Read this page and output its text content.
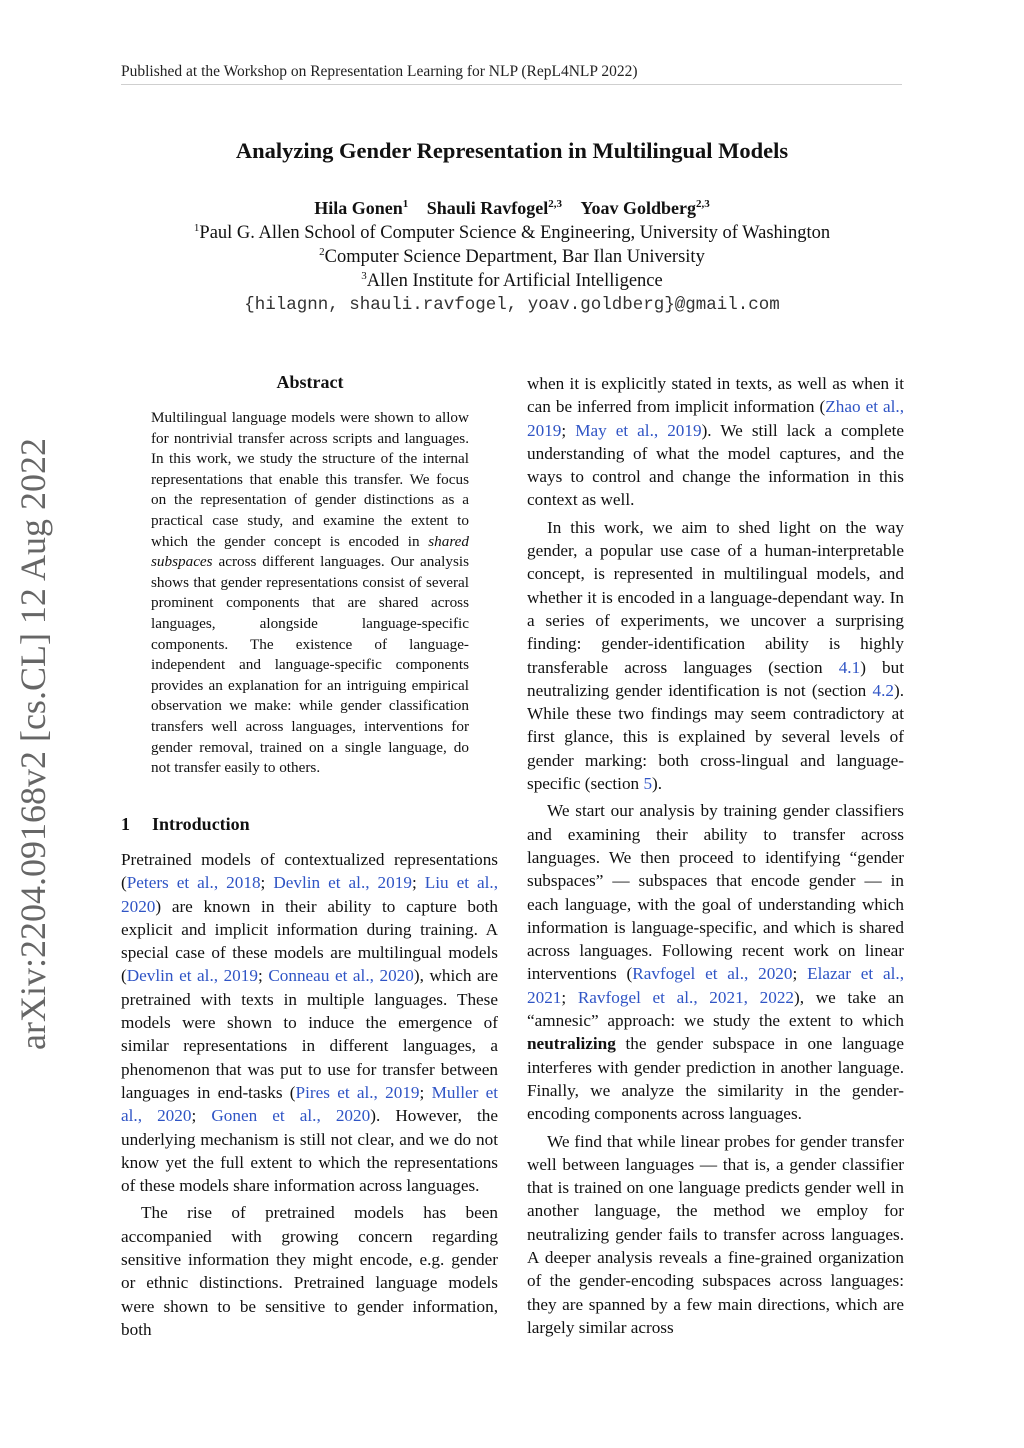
Published at the Workshop on Representation Learning for NLP (RepL4NLP 2022)
Analyzing Gender Representation in Multilingual Models
Hila Gonen$^1$ Shauli Ravfogel$^{2,3}$ Yoav Goldberg$^{2,3}$
$^1$Paul G. Allen School of Computer Science & Engineering, University of Washington
$^2$Computer Science Department, Bar Ilan University
$^3$Allen Institute for Artificial Intelligence
{hilagnn, shauli.ravfogel, yoav.goldberg}@gmail.com
arXiv:2204.09168v2 [cs.CL] 12 Aug 2022
Abstract
Multilingual language models were shown to allow for nontrivial transfer across scripts and languages. In this work, we study the structure of the internal representations that enable this transfer. We focus on the representation of gender distinctions as a practical case study, and examine the extent to which the gender concept is encoded in shared subspaces across different languages. Our analysis shows that gender representations consist of several prominent components that are shared across languages, alongside language-specific components. The existence of language-independent and language-specific components provides an explanation for an intriguing empirical observation we make: while gender classification transfers well across languages, interventions for gender removal, trained on a single language, do not transfer easily to others.
1 Introduction

Pretrained models of contextualized representations (Peters et al., 2018; Devlin et al., 2019; Liu et al., 2020) are known in their ability to capture both explicit and implicit information during training. A special case of these models are multilingual models (Devlin et al., 2019; Conneau et al., 2020), which are pretrained with texts in multiple languages. These models were shown to induce the emergence of similar representations in different languages, a phenomenon that was put to use for transfer between languages in end-tasks (Pires et al., 2019; Muller et al., 2020; Gonen et al., 2020). However, the underlying mechanism is still not clear, and we do not know yet the full extent to which the representations of these models share information across languages.

The rise of pretrained models has been accompanied with growing concern regarding sensitive information they might encode, e.g. gender or ethnic distinctions. Pretrained language models were shown to be sensitive to gender information, both

when it is explicitly stated in texts, as well as when it can be inferred from implicit information (Zhao et al., 2019; May et al., 2019). We still lack a complete understanding of what the model captures, and the ways to control and change the information in this context as well.

In this work, we aim to shed light on the way gender, a popular use case of a human-interpretable concept, is represented in multilingual models, and whether it is encoded in a language-dependant way. In a series of experiments, we uncover a surprising finding: gender-identification ability is highly transferable across languages (section 4.1) but neutralizing gender identification is not (section 4.2). While these two findings may seem contradictory at first glance, this is explained by several levels of gender marking: both cross-lingual and language-specific (section 5).

We start our analysis by training gender classifiers and examining their ability to transfer across languages. We then proceed to identifying “gender subspaces” — subspaces that encode gender — in each language, with the goal of understanding which information is language-specific, and which is shared across languages. Following recent work on linear interventions (Ravfogel et al., 2020; Elazar et al., 2021; Ravfogel et al., 2021, 2022), we take an “amnesic” approach: we study the extent to which neutralizing the gender subspace in one language interferes with gender prediction in another language. Finally, we analyze the similarity in the gender-encoding components across languages.

We find that while linear probes for gender transfer well between languages — that is, a gender classifier that is trained on one language predicts gender well in another language, the method we employ for neutralizing gender fails to transfer across languages. A deeper analysis reveals a fine-grained organization of the gender-encoding subspaces across languages: they are spanned by a few main directions, which are largely similar across
